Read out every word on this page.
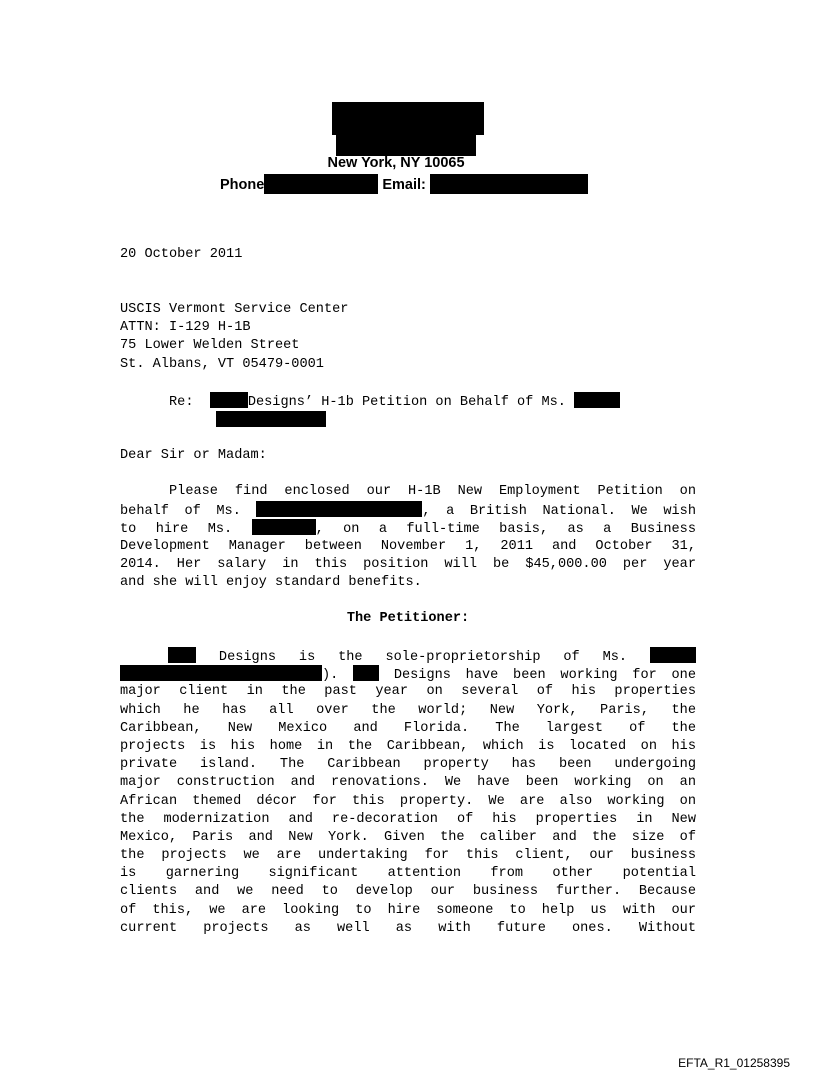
New York, NY 10065
Phone	Email:
20 October 2011
USCIS Vermont Service Center
ATTN: I-129 H-1B
75 Lower Welden Street
St. Albans, VT 05479-0001
Re:	Designs’ H-1b Petition on Behalf of Ms.
Dear Sir or Madam:
Please find enclosed our H-1B New Employment Petition on
behalf of Ms.	, a British National. We wish
to hire Ms.	, on a full-time basis, as a Business
Development Manager between November 1, 2011 and October 31,
2014. Her salary in this position will be $45,000.00 per year
and she will enjoy standard benefits.
The Petitioner:
Designs is the sole-proprietorship of Ms.
).	Designs have been working for one
major client in the past year on several of his properties
which he has all over the world; New York, Paris, the
Caribbean, New Mexico and Florida. The largest of the
projects is his home in the Caribbean, which is located on his
private island. The Caribbean property has been undergoing
major construction and renovations. We have been working on an
African themed décor for this property. We are also working on
the modernization and re-decoration of his properties in New
Mexico, Paris and New York. Given the caliber and the size of
the projects we are undertaking for this client, our business
is garnering significant attention from other potential
clients and we need to develop our business further. Because
of this, we are looking to hire someone to help us with our
current projects as well as with future ones. Without
EFTA_R1_01258395
